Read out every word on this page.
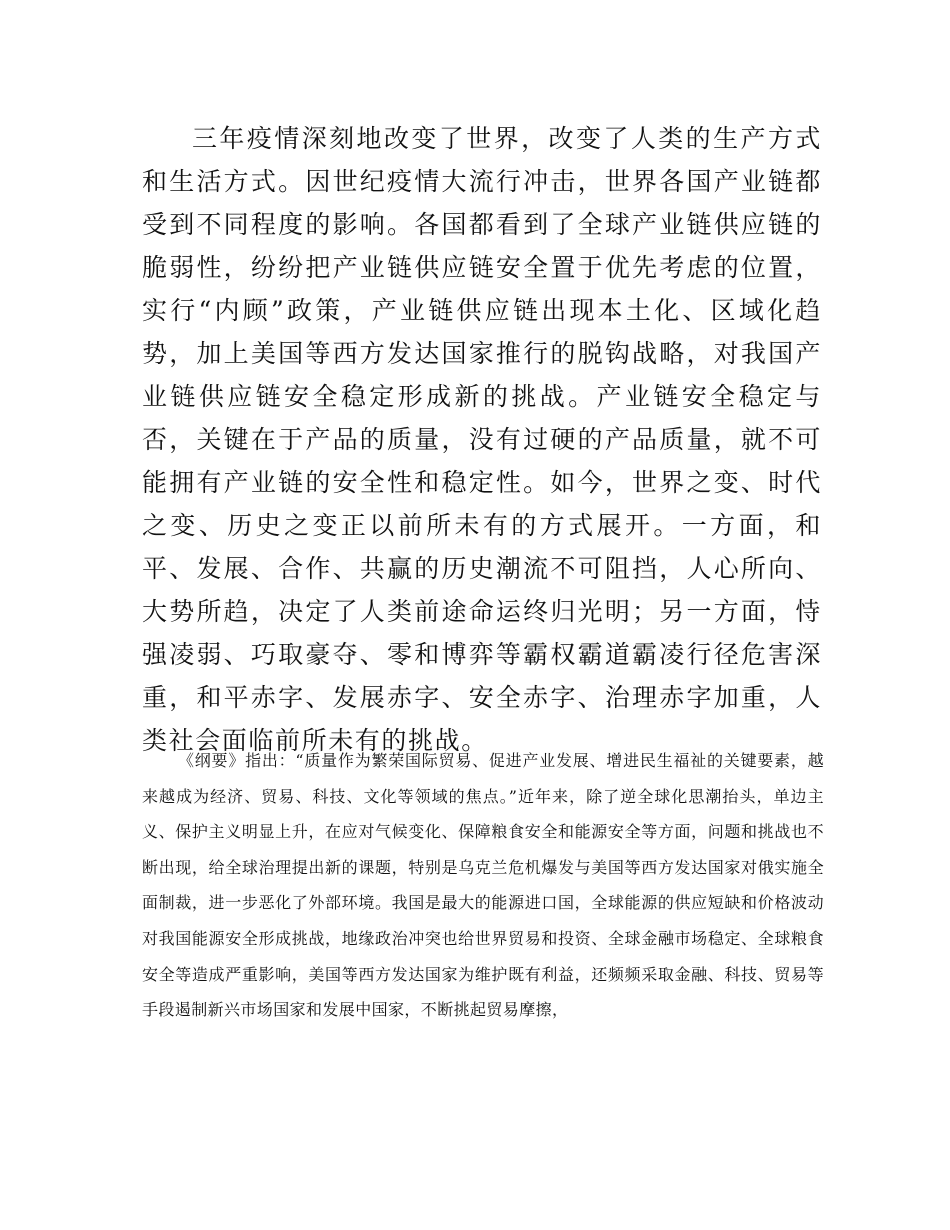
三年疫情深刻地改变了世界，改变了人类的生产方式和生活方式。因世纪疫情大流行冲击，世界各国产业链都受到不同程度的影响。各国都看到了全球产业链供应链的脆弱性，纷纷把产业链供应链安全置于优先考虑的位置，实行“内顾”政策，产业链供应链出现本土化、区域化趋势，加上美国等西方发达国家推行的脱钩战略，对我国产业链供应链安全稳定形成新的挑战。产业链安全稳定与否，关键在于产品的质量，没有过硬的产品质量，就不可能拥有产业链的安全性和稳定性。如今，世界之变、时代之变、历史之变正以前所未有的方式展开。一方面，和平、发展、合作、共赢的历史潮流不可阻挡，人心所向、大势所趋，决定了人类前途命运终归光明；另一方面，恃强凌弱、巧取豪夺、零和博弈等霸权霸道霸凌行径危害深重，和平赤字、发展赤字、安全赤字、治理赤字加重，人类社会面临前所未有的挑战。

《纲要》指出：“质量作为繁荣国际贸易、促进产业发展、增进民生福祉的关键要素，越来越成为经济、贸易、科技、文化等领域的焦点。”近年来，除了逆全球化思潮抬头，单边主义、保护主义明显上升，在应对气候变化、保障粮食安全和能源安全等方面，问题和挑战也不断出现，给全球治理提出新的课题，特别是乌克兰危机爆发与美国等西方发达国家对俄实施全面制裁，进一步恶化了外部环境。我国是最大的能源进口国，全球能源的供应短缺和价格波动对我国能源安全形成挑战，地缘政治冲突也给世界贸易和投资、全球金融市场稳定、全球粮食安全等造成严重影响，美国等西方发达国家为维护既有利益，还频频采取金融、科技、贸易等手段遏制新兴市场国家和发展中国家，不断挑起贸易摩擦，
